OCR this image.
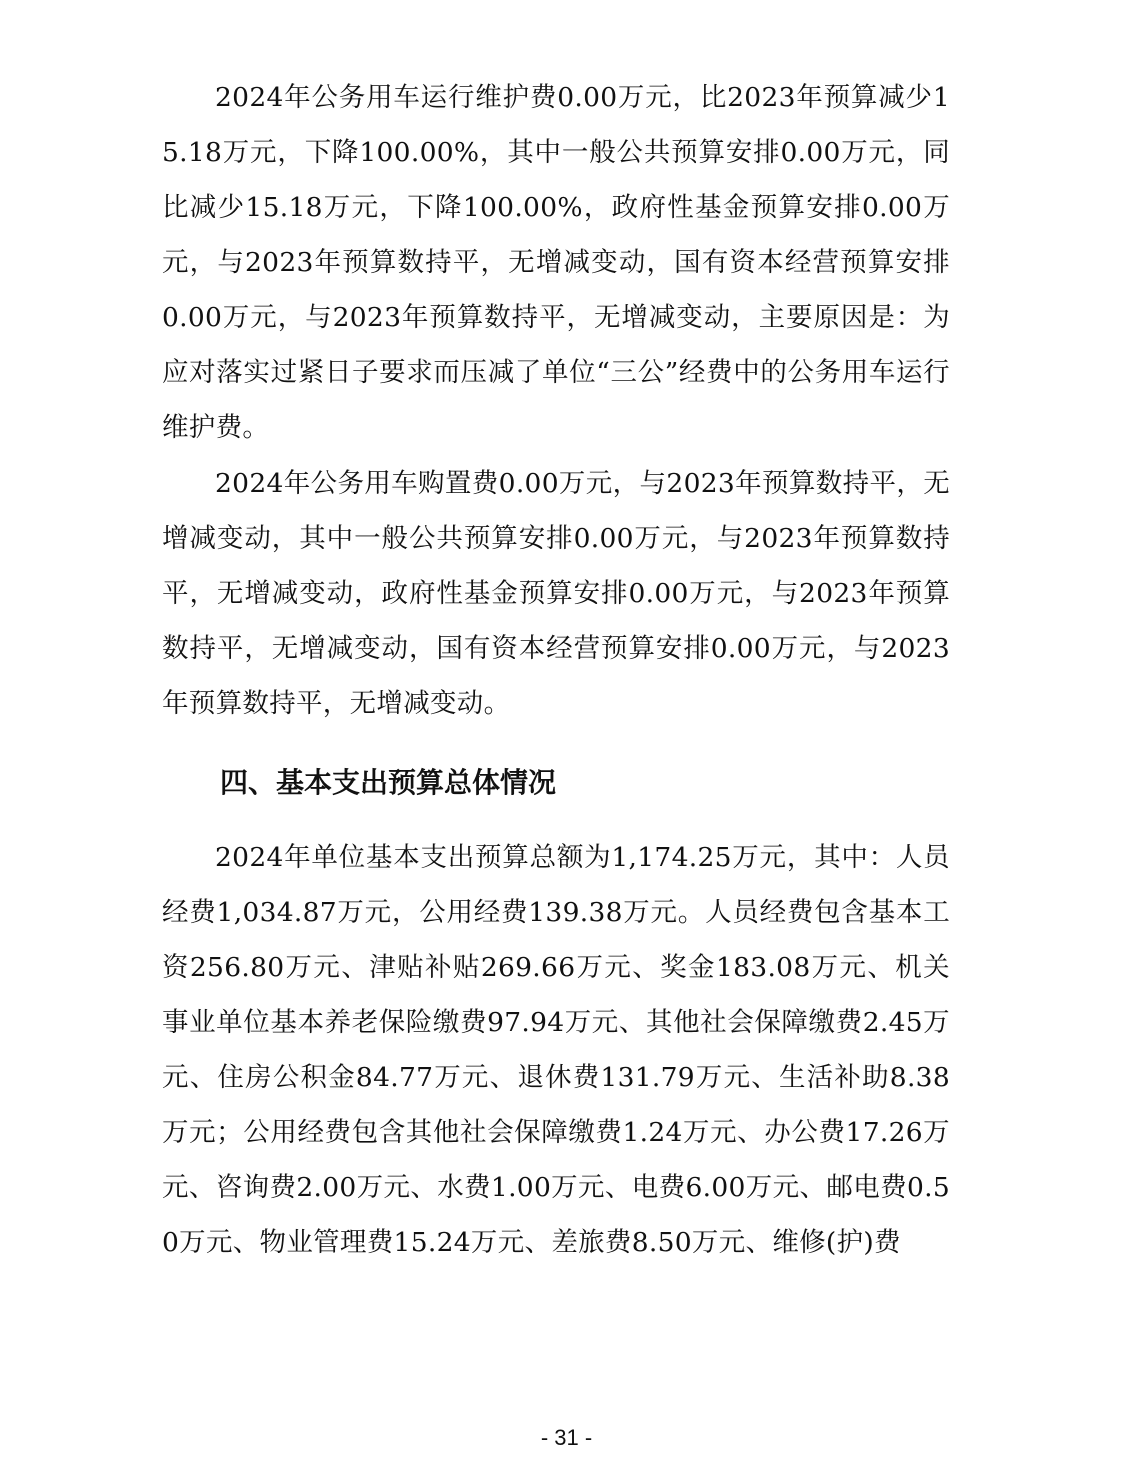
2024年公务用车运行维护费0.00万元，比2023年预算减少15.18万元，下降100.00%，其中一般公共预算安排0.00万元，同比减少15.18万元，下降100.00%，政府性基金预算安排0.00万元，与2023年预算数持平，无增减变动，国有资本经营预算安排0.00万元，与2023年预算数持平，无增减变动，主要原因是：为应对落实过紧日子要求而压减了单位“三公”经费中的公务用车运行维护费。

2024年公务用车购置费0.00万元，与2023年预算数持平，无增减变动，其中一般公共预算安排0.00万元，与2023年预算数持平，无增减变动，政府性基金预算安排0.00万元，与2023年预算数持平，无增减变动，国有资本经营预算安排0.00万元，与2023年预算数持平，无增减变动。

四、基本支出预算总体情况

2024年单位基本支出预算总额为1,174.25万元，其中：人员经费1,034.87万元，公用经费139.38万元。人员经费包含基本工资256.80万元、津贴补贴269.66万元、奖金183.08万元、机关事业单位基本养老保险缴费97.94万元、其他社会保障缴费2.45万元、住房公积金84.77万元、退休费131.79万元、生活补助8.38万元；公用经费包含其他社会保障缴费1.24万元、办公费17.26万元、咨询费2.00万元、水费1.00万元、电费6.00万元、邮电费0.50万元、物业管理费15.24万元、差旅费8.50万元、维修(护)费

- 31 -
